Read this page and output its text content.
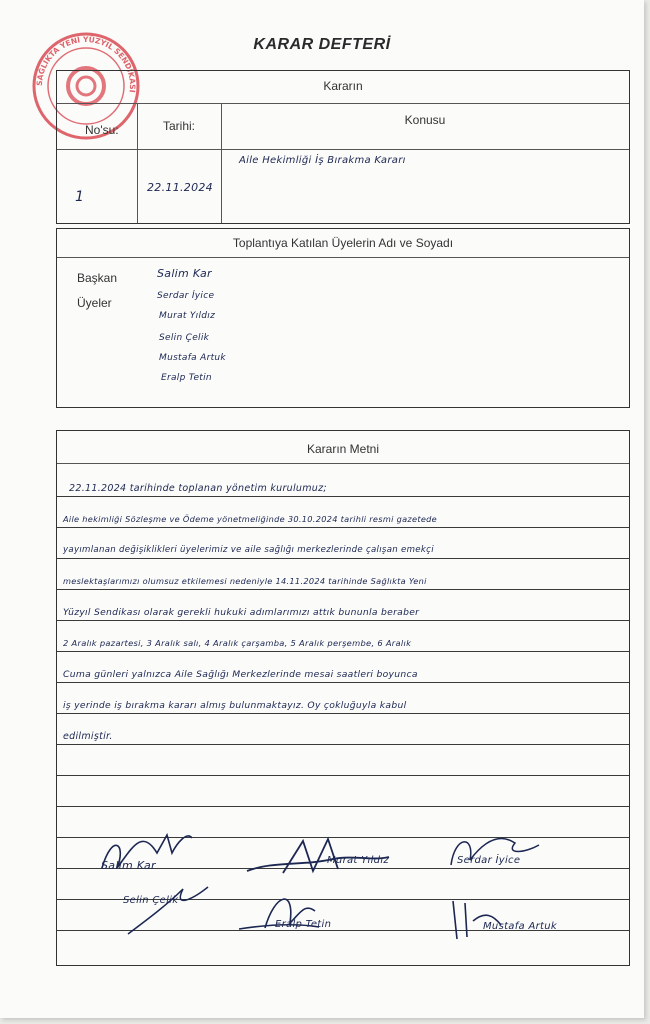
SAĞLIKTA YENİ YÜZYIL SENDİKASI
KARAR DEFTERİ
Kararın
No'su:	Tarihi:	Konusu
1
22.11.2024
Aile Hekimliği İş Bırakma Kararı
Toplantıya Katılan Üyelerin Adı ve Soyadı
Başkan
Üyeler
Salim Kar
Serdar İyice
Murat Yıldız
Selin Çelik
Mustafa Artuk
Eralp Tetin
Kararın Metni
22.11.2024 tarihinde toplanan yönetim kurulumuz;
Aile hekimliği Sözleşme ve Ödeme yönetmeliğinde 30.10.2024 tarihli resmi gazetede
yayımlanan değişiklikleri üyelerimiz ve aile sağlığı merkezlerinde çalışan emekçi
meslektaşlarımızı olumsuz etkilemesi nedeniyle 14.11.2024 tarihinde Sağlıkta Yeni
Yüzyıl Sendikası olarak gerekli hukuki adımlarımızı attık bununla beraber
2 Aralık pazartesi, 3 Aralık salı, 4 Aralık çarşamba, 5 Aralık perşembe, 6 Aralık
Cuma günleri yalnızca Aile Sağlığı Merkezlerinde mesai saatleri boyunca
iş yerinde iş bırakma kararı almış bulunmaktayız. Oy çokluğuyla kabul
edilmiştir.
Salim Kar	Murat Yıldız	Serdar İyice
Selin Çelik
Eralp Tetin	Mustafa Artuk
